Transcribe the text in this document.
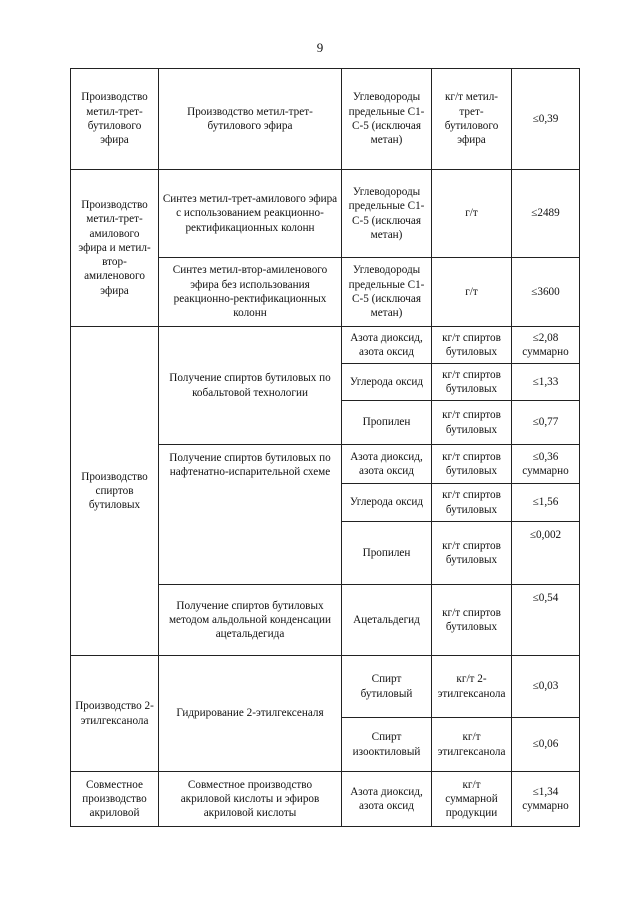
9
Производство метил-трет-бутилового эфира	Производство метил-трет-бутилового эфира	Углеводороды предельные С1-С-5 (исключая метан)	кг/т метил-трет-бутилового эфира	≤0,39
Производство метил-трет-амилового эфира и метил-втор-амиленового эфира	Синтез метил-трет-амилового эфира с использованием реакционно-ректификационных колонн	Углеводороды предельные С1-С-5 (исключая метан)	г/т	≤2489
	Синтез метил-втор-амиленового эфира без использования реакционно-ректификационных колонн	Углеводороды предельные С1-С-5 (исключая метан)	г/т	≤3600
Производство спиртов бутиловых	Получение спиртов бутиловых по кобальтовой технологии	Азота диоксид, азота оксид	кг/т спиртов бутиловых	≤2,08 суммарно
		Углерода оксид	кг/т спиртов бутиловых	≤1,33
		Пропилен	кг/т спиртов бутиловых	≤0,77
	Получение спиртов бутиловых по нафтенатно-испарительной схеме	Азота диоксид, азота оксид	кг/т спиртов бутиловых	≤0,36 суммарно
		Углерода оксид	кг/т спиртов бутиловых	≤1,56
		Пропилен	кг/т спиртов бутиловых	≤0,002
	Получение спиртов бутиловых методом альдольной конденсации ацетальдегида	Ацетальдегид	кг/т спиртов бутиловых	≤0,54
Производство 2-этилгексанола	Гидрирование 2-этилгексеналя	Спирт бутиловый	кг/т 2-этилгексанола	≤0,03
		Спирт изооктиловый	кг/т этилгексанола	≤0,06
Совместное производство акриловой	Совместное производство акриловой кислоты и эфиров акриловой кислоты	Азота диоксид, азота оксид	кг/т суммарной продукции	≤1,34 суммарно
